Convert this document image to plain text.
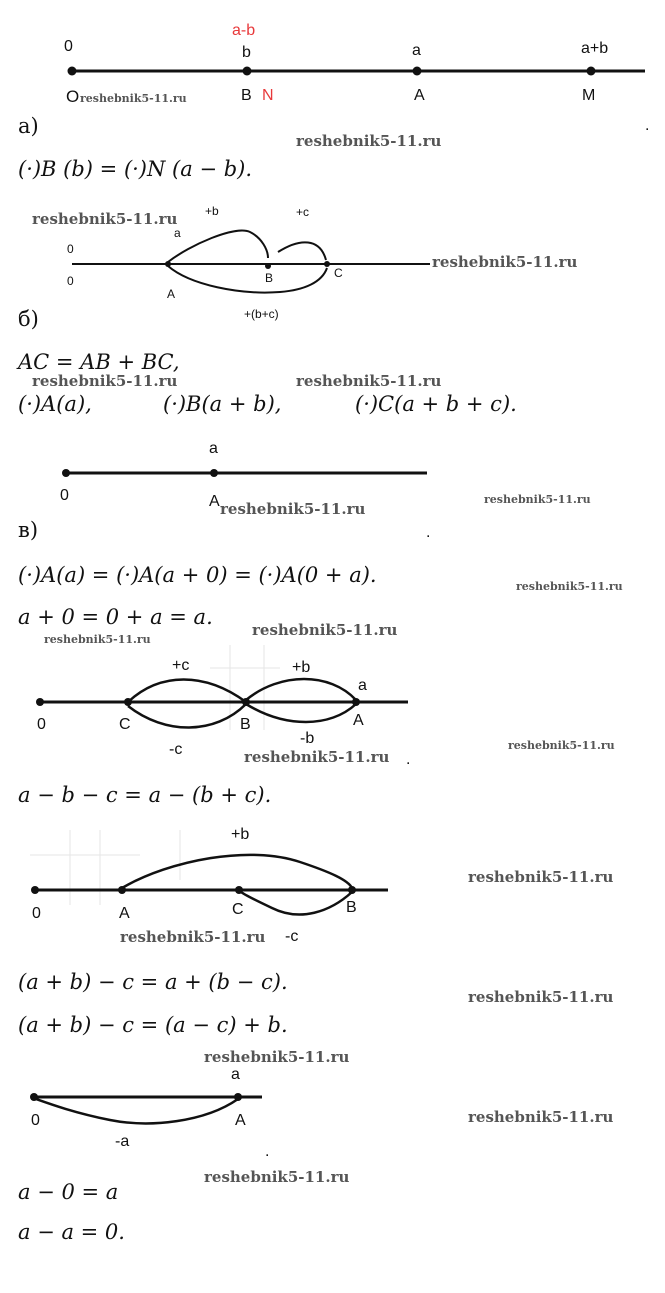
0
a-b
b	a	a+b
O reshebnik5-11.ru	B N	A	M
а)
reshebnik5-11.ru
.
(·)B (b) = (·)N (a − b).
reshebnik5-11.ru +b	+c
a
0
0
reshebnik5-11.ru
A
B	C
+(b+c)
б)
AC = AB + BC,
reshebnik5-11.ru	reshebnik5-11.ru
(·)A(a),	(·)B(a + b),	(·)C(a + b + c).
a
0	A reshebnik5-11.ru
reshebnik5-11.ru
в)	.
(·)A(a) = (·)A(a + 0) = (·)A(0 + a).	reshebnik5-11.ru
a + 0 = 0 + a = a.
reshebnik5-11.ru
reshebnik5-11.ru
+c	+b
a
0	C	B	A
-b
-c	reshebnik5-11.ru .
reshebnik5-11.ru
a − b − c = a − (b + c).
+b
reshebnik5-11.ru
0	A	C	B
reshebnik5-11.ru -c
(a + b) − c = a + (b − c).
reshebnik5-11.ru
(a + b) − c = (a − c) + b.
reshebnik5-11.ru
a
0	A	reshebnik5-11.ru
-a
.
reshebnik5-11.ru
a − 0 = a
a − a = 0.
